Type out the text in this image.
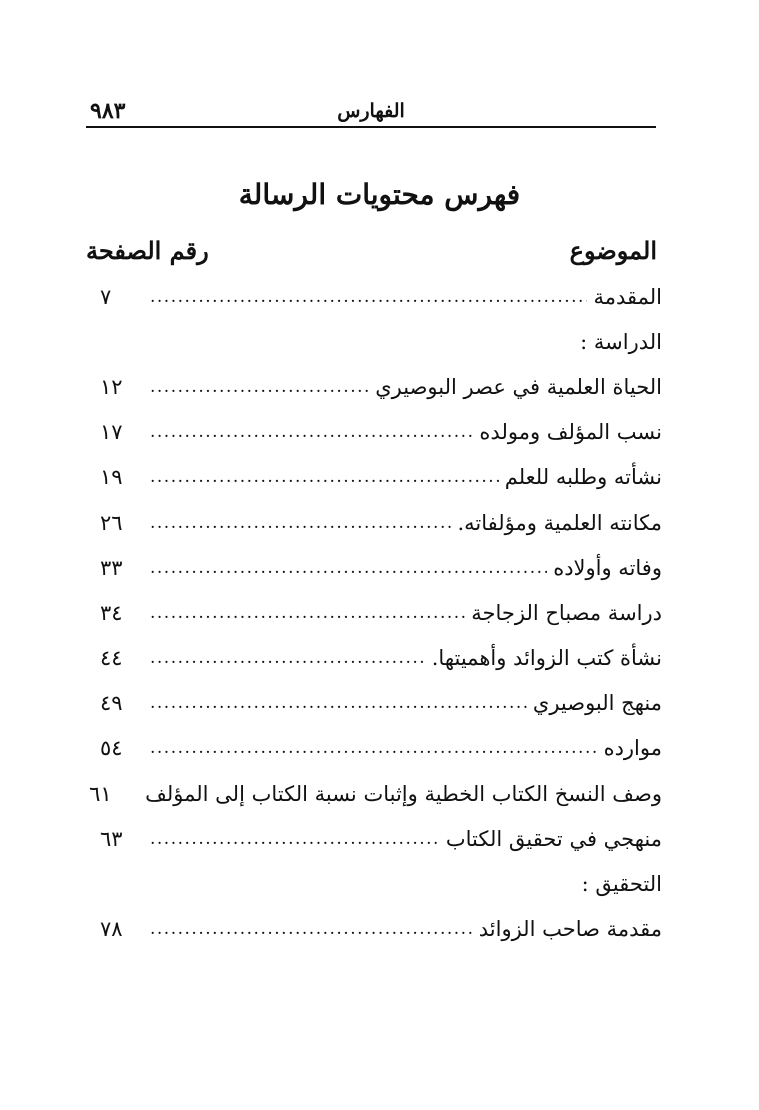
الفهارس
٩٨٣
فهرس محتويات الرسالة
الموضوع
رقم الصفحة
المقدمة
.....
٧
الدراسة :
الحياة العلمية في عصر البوصيري
.....
١٢
نسب المؤلف ومولده
.....
١٧
نشأته وطلبه للعلم
.....
١٩
مكانته العلمية ومؤلفاته.
.....
٢٦
وفاته وأولاده
.....
٣٣
دراسة مصباح الزجاجة
.....
٣٤
نشأة كتب الزوائد وأهميتها.
.....
٤٤
منهج البوصيري
.....
٤٩
موارده
.....
٥٤
وصف النسخ الكتاب الخطية وإثبات نسبة الكتاب إلى المؤلف
٦١
منهجي في تحقيق الكتاب
.....
٦٣
التحقيق :
مقدمة صاحب الزوائد
.....
٧٨
